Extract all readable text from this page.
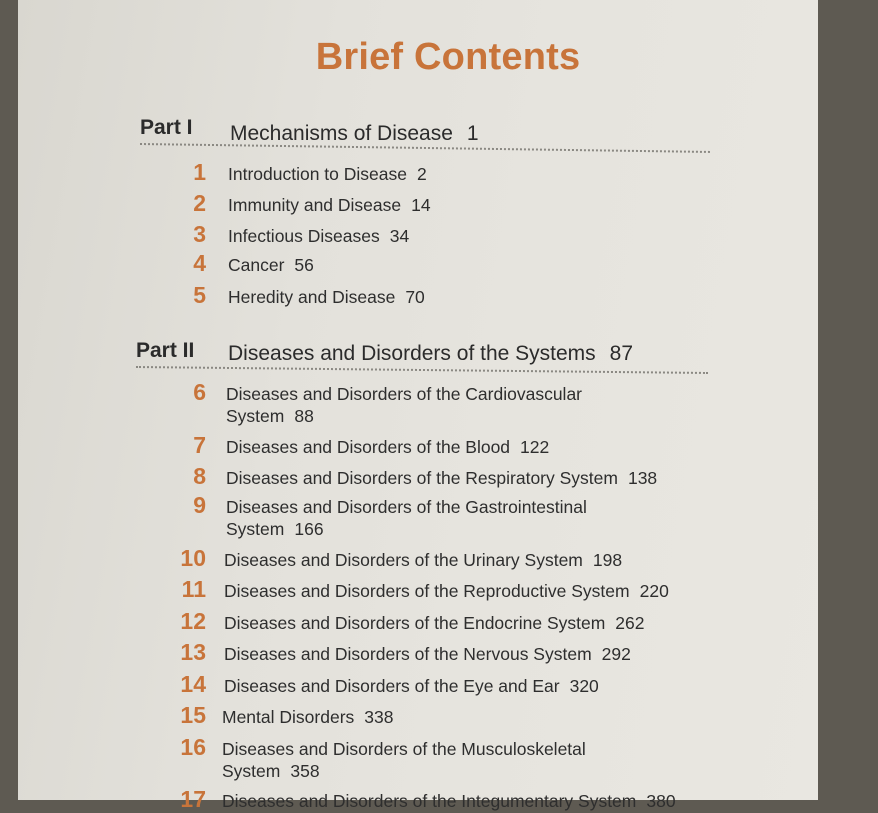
Brief Contents
Part I Mechanisms of Disease 1
1 Introduction to Disease 2
2 Immunity and Disease 14
3 Infectious Diseases 34
4 Cancer 56
5 Heredity and Disease 70
Part II Diseases and Disorders of the Systems 87
6 Diseases and Disorders of the Cardiovascular
System 88
7 Diseases and Disorders of the Blood 122
8 Diseases and Disorders of the Respiratory System 138
9 Diseases and Disorders of the Gastrointestinal
System 166
10 Diseases and Disorders of the Urinary System 198
11 Diseases and Disorders of the Reproductive System 220
12 Diseases and Disorders of the Endocrine System 262
13 Diseases and Disorders of the Nervous System 292
14 Diseases and Disorders of the Eye and Ear 320
15 Mental Disorders 338
16 Diseases and Disorders of the Musculoskeletal
System 358
17 Diseases and Disorders of the Integumentary System 380
